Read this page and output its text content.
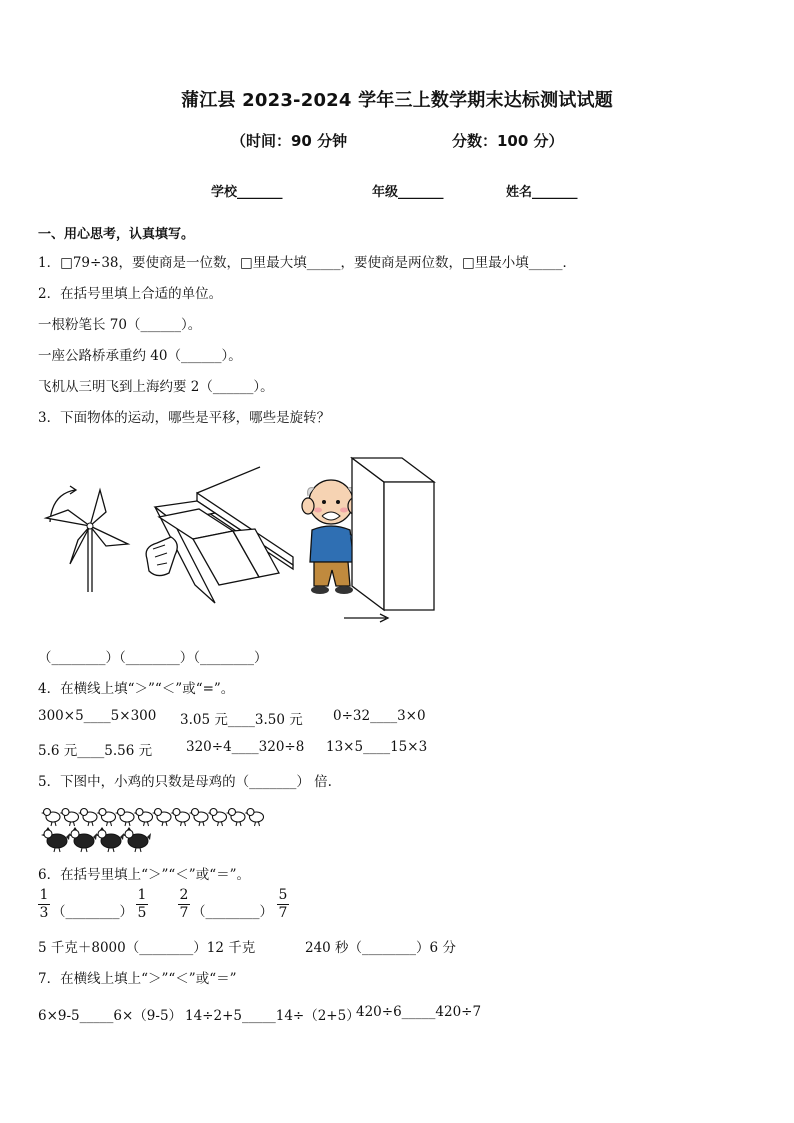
蒲江县 2023-2024 学年三上数学期末达标测试试题
（时间：90 分钟	分数：100 分）
学校_______	年级_______	姓名_______
一、用心思考，认真填写。
1．□79÷38，要使商是一位数，□里最大填_____，要使商是两位数，□里最小填_____．
2．在括号里填上合适的单位。
一根粉笔长 70（______）。
一座公路桥承重约 40（______）。
飞机从三明飞到上海约要 2（______）。
3．下面物体的运动，哪些是平移，哪些是旋转？
（________）（________）（________）
4．在横线上填“＞”“＜”或“=”。
300×5____5×300 3.05 元____3.50 元 0÷32____3×0
5.6 元____5.56 元	320÷4____320÷8 13×5____15×3
5．下图中，小鸡的只数是母鸡的（_______） 倍.
6．在括号里填上“＞”“＜”或“＝”。
1
3 （________）
1
5
2
7 （________）
5
7
5 千克＋8000（________）12 千克	240 秒（________）6 分
7．在横线上填上“＞”“＜”或“＝”
6×9-5_____6×（9-5） 14÷2+5_____14÷（2+5）
420÷6_____420÷7
